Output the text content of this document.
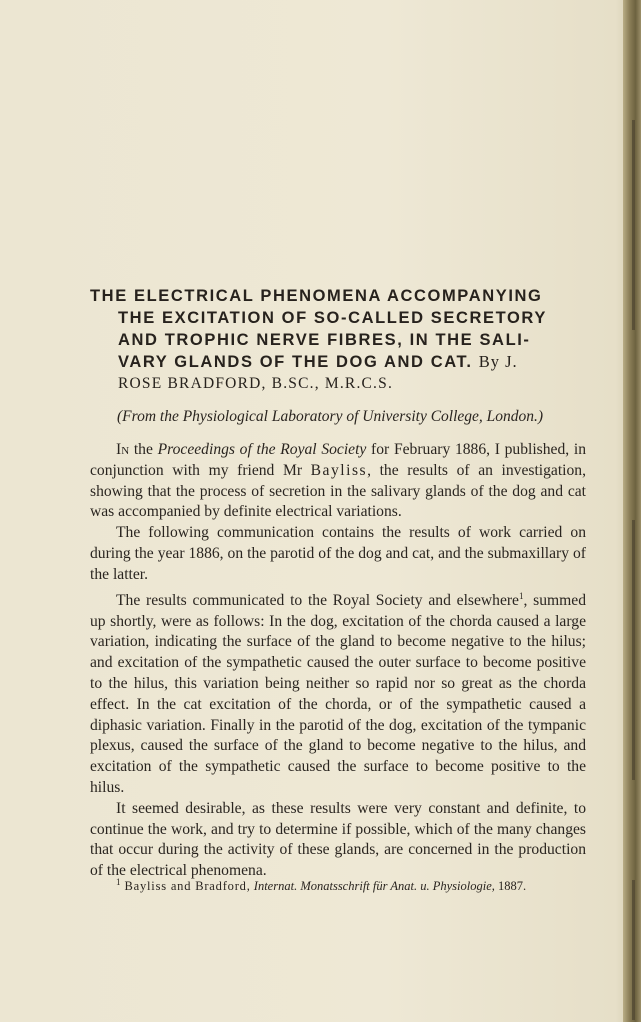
THE ELECTRICAL PHENOMENA ACCOMPANYING
THE EXCITATION OF SO-CALLED SECRETORY
AND TROPHIC NERVE FIBRES, IN THE SALI-
VARY GLANDS OF THE DOG AND CAT. By J.
ROSE BRADFORD, B.SC., M.R.C.S.
(From the Physiological Laboratory of University College, London.)

In the Proceedings of the Royal Society for February 1886, I published, in conjunction with my friend Mr Bayliss, the results of an investigation, showing that the process of secretion in the salivary glands of the dog and cat was accompanied by definite electrical variations.

The following communication contains the results of work carried on during the year 1886, on the parotid of the dog and cat, and the submaxillary of the latter.

The results communicated to the Royal Society and elsewhere$^1$, summed up shortly, were as follows: In the dog, excitation of the chorda caused a large variation, indicating the surface of the gland to become negative to the hilus; and excitation of the sympathetic caused the outer surface to become positive to the hilus, this variation being neither so rapid nor so great as the chorda effect. In the cat excitation of the chorda, or of the sympathetic caused a diphasic variation. Finally in the parotid of the dog, excitation of the tympanic plexus, caused the surface of the gland to become negative to the hilus, and excitation of the sympathetic caused the surface to become positive to the hilus.

It seemed desirable, as these results were very constant and definite, to continue the work, and try to determine if possible, which of the many changes that occur during the activity of these glands, are concerned in the production of the electrical phenomena.

$^1$ Bayliss and Bradford, Internat. Monatsschrift für Anat. u. Physiologie, 1887.
